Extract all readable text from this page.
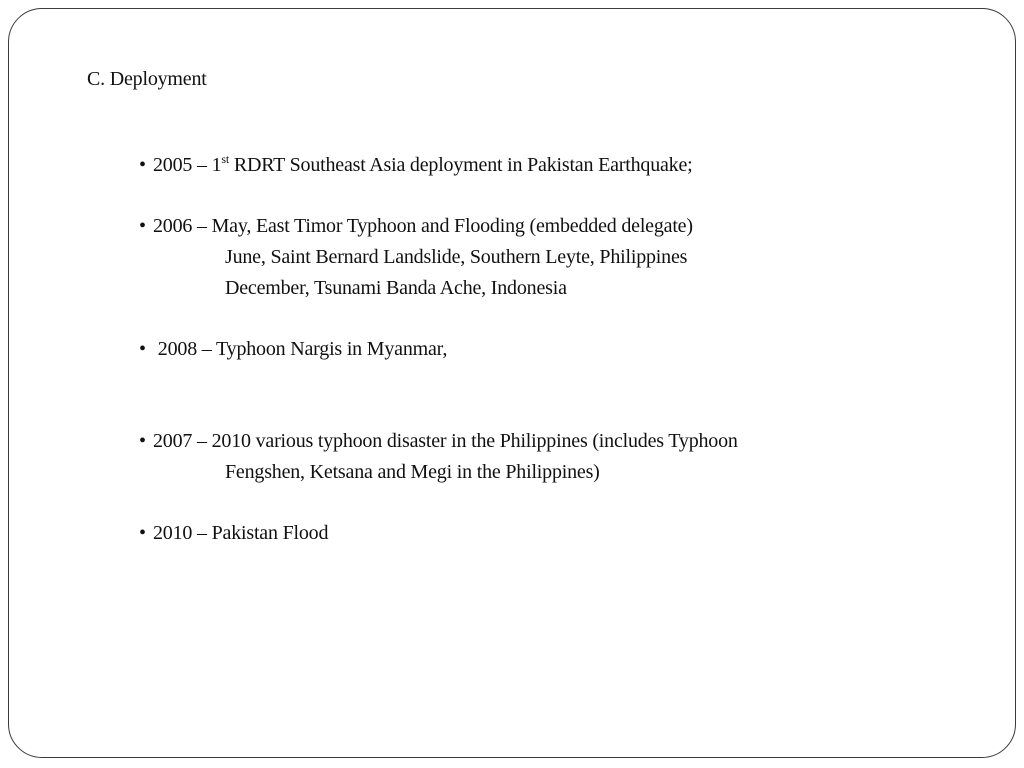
C. Deployment
• 2005 – 1st RDRT Southeast Asia deployment in Pakistan Earthquake;
• 2006 – May, East Timor Typhoon and Flooding (embedded delegate)
June, Saint Bernard Landslide, Southern Leyte, Philippines
December, Tsunami Banda Ache, Indonesia
• 2008 – Typhoon Nargis in Myanmar,
• 2007 – 2010 various typhoon disaster in the Philippines (includes Typhoon
Fengshen, Ketsana and Megi in the Philippines)
• 2010 – Pakistan Flood
